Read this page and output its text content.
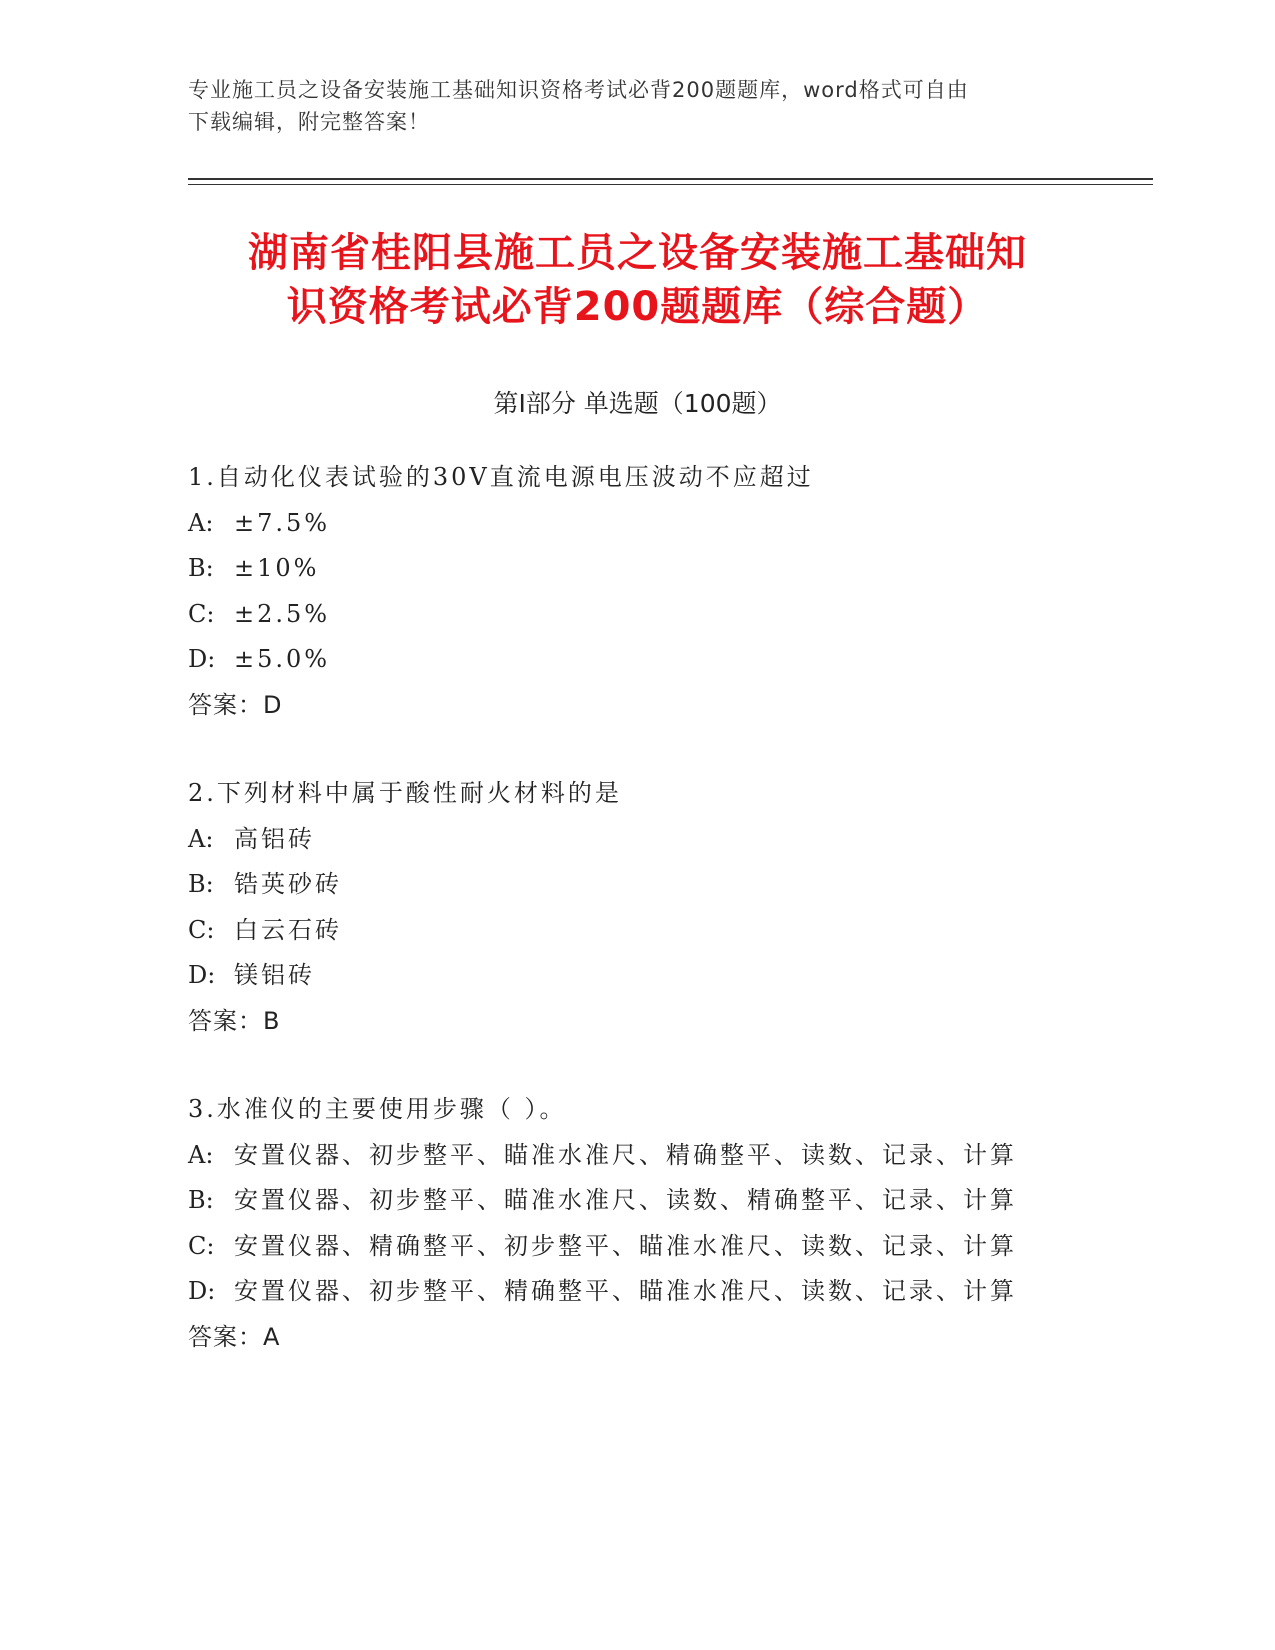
专业施工员之设备安装施工基础知识资格考试必背200题题库，word格式可自由
下载编辑，附完整答案！
湖南省桂阳县施工员之设备安装施工基础知
识资格考试必背200题题库（综合题）
第Ⅰ部分 单选题（100题）
1.自动化仪表试验的30V直流电源电压波动不应超过
A: ±7.5%
B: ±10%
C: ±2.5%
D: ±5.0%
答案：D
2.下列材料中属于酸性耐火材料的是
A: 高铝砖
B: 锆英砂砖
C: 白云石砖
D: 镁铝砖
答案：B
3.水准仪的主要使用步骤（ ）。
A: 安置仪器、初步整平、瞄准水准尺、精确整平、读数、记录、计算
B: 安置仪器、初步整平、瞄准水准尺、读数、精确整平、记录、计算
C: 安置仪器、精确整平、初步整平、瞄准水准尺、读数、记录、计算
D: 安置仪器、初步整平、精确整平、瞄准水准尺、读数、记录、计算
答案：A
